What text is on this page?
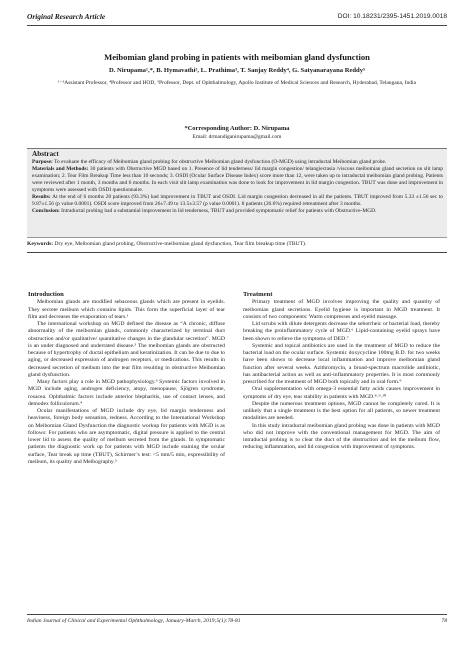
Original Research Article	DOI: 10.18231/2395-1451.2019.0018
Meibomian gland probing in patients with meibomian gland dysfunction
D. Nirupama¹,*, B. Hymavathi², L. Prathima³, T. Sanjay Reddy⁴, G. Satyanarayana Reddy⁵
¹⁻³Assistant Professor, ⁴Professor and HOD, ⁵Professor, Dept. of Ophthalmology, Apollo Institute of Medical Sciences and Research, Hyderabad, Telangana, India
*Corresponding Author: D. Nirupama
Email: drmandiganirupama@gmail.com
Abstract

Purpose: To evaluate the efficacy of Meibomian gland probing for obstructive Meibomian gland dysfunction (O-MGD) using intraductal Meibomian gland probe.

Materials and Methods: 30 patients with Obstructive MGD based on 1. Presence of lid tenderness/ lid margin congestion/ telangiectasia /viscous meibomian gland secretion on slit lamp examination; 2. Tear Film Breakup Time less than 10 seconds; 3. OSDI (Ocular Surface Disease Index) score more than 12, were taken up to intraductal meibomian gland probing. Patients were reviewed after 1 month, 3 months and 6 months. In each visit slit lamp examination was done to look for improvement in lid margin congestion. TBUT was done and improvement in symptoms were assessed with OSDI questionnaire.

Results: At the end of 6 months 28 patients (93.3%) had improvement in TBUT and OSDI. Lid margin congestion decreased in all the patients. TBUT improved from 5.33 ±1.56 sec to 9.87±1.56 (p value 0.0001). OSDI score improved from 26±7.49 to 13.5±3.57 (p value 0.0001). 8 patients (26.6%) required retreatment after 3 months.

Conclusion: Intraductal probing had a substantial improvement in lid tenderness, TBUT and provided symptomatic relief for patients with Obstructive-MGD.

Keywords: Dry eye, Meibomian gland probing, Obstructive-meibomian gland dysfunction, Tear film breakup time (TBUT).
Introduction

Meibomian glands are modified sebaceous glands which are present in eyelids. They secrete meibum which contains lipids. This form the superficial layer of tear film and decreases the evaporation of tears.¹

The international workshop on MGD defined the disease as “A chronic, diffuse abnormality of the meibomian glands, commonly characterized by terminal duct obstruction and/or qualitative/ quantitative changes in the glandular secretion”. MGD is an under diagnosed and underrated disease.² The meibomian glands are obstructed because of hypertrophy of ductal epithelium and keratinization. It can be due to due to aging, or decreased expression of androgen receptors, or medications. This results in decreased secretion of meibum into the tear film resulting in obstructive Meibomian gland dysfunction.

Many factors play a role in MGD pathophysiology.³ Systemic factors involved in MGD include aging, androgen deficiency, atopy, menopause, Sjögren syndrome, rosacea. Ophthalmic factors include anterior blepharitis, use of contact lenses, and demodex folliculorum.⁴

Ocular manifestations of MGD include dry eye, lid margin tenderness and heaviness, foreign body sensation, redness. According to the International Workshop on Meibomian Gland Dysfunction the diagnostic workup for patients with MGD is as follows: For patients who are asymptomatic, digital pressure is applied to the central lower lid to assess the quality of meibum secreted from the glands. In symptomatic patients the diagnostic work up for patients with MGD include staining the ocular surface, Tear break up time (TBUT), Schirmer’s test: <5 mm/5 min, expressibility of meibum, its quality and Meibography.⁵

Treatment

Primary treatment of MGD involves improving the quality and quantity of meibomian gland secretions. Eyelid hygiene is important in MGD treatment. It consists of two components: Warm compresses and eyelid massage.

Lid scrubs with dilute detergents decrease the seborrheic or bacterial load, thereby breaking the proinflammatory cycle of MGD.⁶ Lipid-containing eyelid sprays have been shown to relieve the symptoms of DED.⁷

Systemic and topical antibiotics are used in the treatment of MGD to reduce the bacterial load on the ocular surface. Systemic doxycycline 100mg B.D. for two weeks have been shown to decrease local inflammation and improve meibomian gland function after several weeks. Azithromycin, a broad-spectrum macrolide antibiotic, has antibacterial action as well as anti-inflammatory properties. It is most commonly prescribed for the treatment of MGD both topically and in oral form.⁹

Oral supplementation with omega-3 essential fatty acids causes improvement in symptoms of dry eye, tear stability in patients with MGD.⁸˒⁹˒¹⁰

Despite the numerous treatment options, MGD cannot be completely cured. It is unlikely that a single treatment is the best option for all patients, so newer treatment modalities are needed.

In this study intraductal meibomian gland probing was done in patients with MGD who did not improve with the conventional management for MGD. The aim of intraductal probing is to clear the duct of the obstruction and let the meibum flow, reducing inflammation, and lid congestion with improvement of symptoms.

Indian Journal of Clinical and Experimental Ophthalmology, January-March, 2019;5(1):78-81	78
